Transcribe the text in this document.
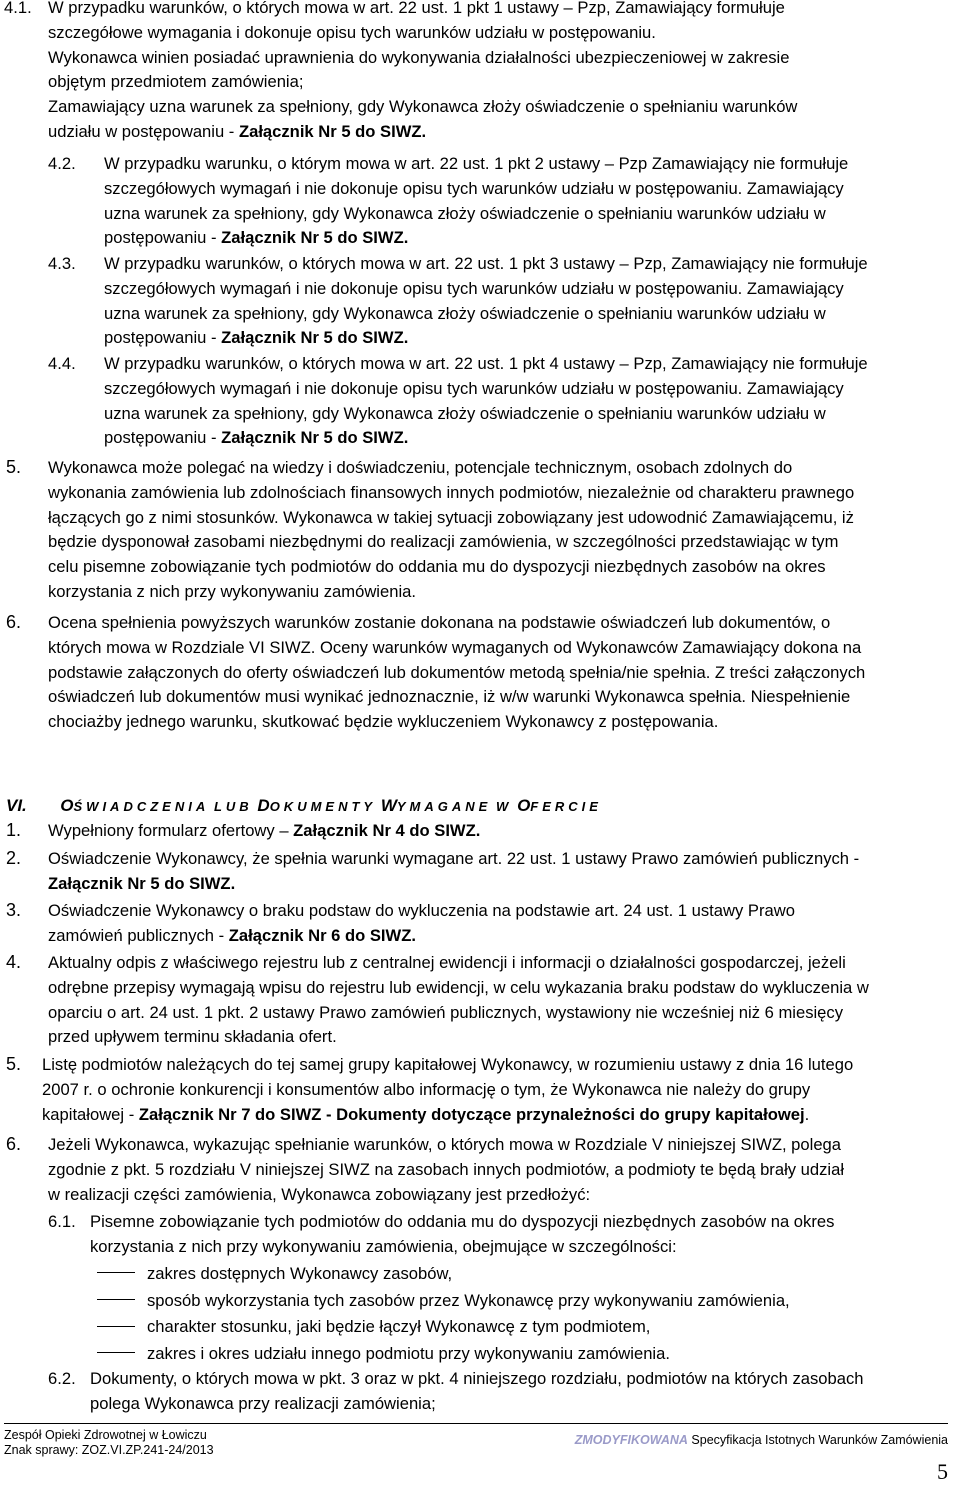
4.1. W przypadku warunków, o których mowa w art. 22 ust. 1 pkt 1 ustawy – Pzp, Zamawiający formułuje
szczegółowe wymagania i dokonuje opisu tych warunków udziału w postępowaniu.
Wykonawca winien posiadać uprawnienia do wykonywania działalności ubezpieczeniowej w zakresie
objętym przedmiotem zamówienia;
Zamawiający uzna warunek za spełniony, gdy Wykonawca złoży oświadczenie o spełnianiu warunków
udziału w postępowaniu - Załącznik Nr 5 do SIWZ.
4.2. W przypadku warunku, o którym mowa w art. 22 ust. 1 pkt 2 ustawy – Pzp Zamawiający nie formułuje
szczegółowych wymagań i nie dokonuje opisu tych warunków udziału w postępowaniu. Zamawiający
uzna warunek za spełniony, gdy Wykonawca złoży oświadczenie o spełnianiu warunków udziału w
postępowaniu - Załącznik Nr 5 do SIWZ.
4.3. W przypadku warunków, o których mowa w art. 22 ust. 1 pkt 3 ustawy – Pzp, Zamawiający nie formułuje
szczegółowych wymagań i nie dokonuje opisu tych warunków udziału w postępowaniu. Zamawiający
uzna warunek za spełniony, gdy Wykonawca złoży oświadczenie o spełnianiu warunków udziału w
postępowaniu - Załącznik Nr 5 do SIWZ.
4.4. W przypadku warunków, o których mowa w art. 22 ust. 1 pkt 4 ustawy – Pzp, Zamawiający nie formułuje
szczegółowych wymagań i nie dokonuje opisu tych warunków udziału w postępowaniu. Zamawiający
uzna warunek za spełniony, gdy Wykonawca złoży oświadczenie o spełnianiu warunków udziału w
postępowaniu - Załącznik Nr 5 do SIWZ.
5. Wykonawca może polegać na wiedzy i doświadczeniu, potencjale technicznym, osobach zdolnych do
wykonania zamówienia lub zdolnościach finansowych innych podmiotów, niezależnie od charakteru prawnego
łączących go z nimi stosunków. Wykonawca w takiej sytuacji zobowiązany jest udowodnić Zamawiającemu, iż
będzie dysponował zasobami niezbędnymi do realizacji zamówienia, w szczególności przedstawiając w tym
celu pisemne zobowiązanie tych podmiotów do oddania mu do dyspozycji niezbędnych zasobów na okres
korzystania z nich przy wykonywaniu zamówienia.
6. Ocena spełnienia powyższych warunków zostanie dokonana na podstawie oświadczeń lub dokumentów, o
których mowa w Rozdziale VI SIWZ. Oceny warunków wymaganych od Wykonawców Zamawiający dokona na
podstawie załączonych do oferty oświadczeń lub dokumentów metodą spełnia/nie spełnia. Z treści załączonych
oświadczeń lub dokumentów musi wynikać jednoznacznie, iż w/w warunki Wykonawca spełnia. Niespełnienie
chociażby jednego warunku, skutkować będzie wykluczeniem Wykonawcy z postępowania.
VI. OŚWIADCZENIA LUB DOKUMENTY WYMAGANE W OFERCIE
1. Wypełniony formularz ofertowy – Załącznik Nr 4 do SIWZ.
2. Oświadczenie Wykonawcy, że spełnia warunki wymagane art. 22 ust. 1 ustawy Prawo zamówień publicznych -
Załącznik Nr 5 do SIWZ.
3. Oświadczenie Wykonawcy o braku podstaw do wykluczenia na podstawie art. 24 ust. 1 ustawy Prawo
zamówień publicznych - Załącznik Nr 6 do SIWZ.
4. Aktualny odpis z właściwego rejestru lub z centralnej ewidencji i informacji o działalności gospodarczej, jeżeli
odrębne przepisy wymagają wpisu do rejestru lub ewidencji, w celu wykazania braku podstaw do wykluczenia w
oparciu o art. 24 ust. 1 pkt. 2 ustawy Prawo zamówień publicznych, wystawiony nie wcześniej niż 6 miesięcy
przed upływem terminu składania ofert.
5. Listę podmiotów należących do tej samej grupy kapitałowej Wykonawcy, w rozumieniu ustawy z dnia 16 lutego
2007 r. o ochronie konkurencji i konsumentów albo informację o tym, że Wykonawca nie należy do grupy
kapitałowej - Załącznik Nr 7 do SIWZ - Dokumenty dotyczące przynależności do grupy kapitałowej.
6. Jeżeli Wykonawca, wykazując spełnianie warunków, o których mowa w Rozdziale V niniejszej SIWZ, polega
zgodnie z pkt. 5 rozdziału V niniejszej SIWZ na zasobach innych podmiotów, a podmioty te będą brały udział
w realizacji części zamówienia, Wykonawca zobowiązany jest przedłożyć:
6.1. Pisemne zobowiązanie tych podmiotów do oddania mu do dyspozycji niezbędnych zasobów na okres
korzystania z nich przy wykonywaniu zamówienia, obejmujące w szczególności:
zakres dostępnych Wykonawcy zasobów,
sposób wykorzystania tych zasobów przez Wykonawcę przy wykonywaniu zamówienia,
charakter stosunku, jaki będzie łączył Wykonawcę z tym podmiotem,
zakres i okres udziału innego podmiotu przy wykonywaniu zamówienia.
6.2. Dokumenty, o których mowa w pkt. 3 oraz w pkt. 4 niniejszego rozdziału, podmiotów na których zasobach
polega Wykonawca przy realizacji zamówienia;
Zespół Opieki Zdrowotnej w Łowiczu
Znak sprawy: ZOZ.VI.ZP.241-24/2013
ZMODYFIKOWANA Specyfikacja Istotnych Warunków Zamówienia
5
